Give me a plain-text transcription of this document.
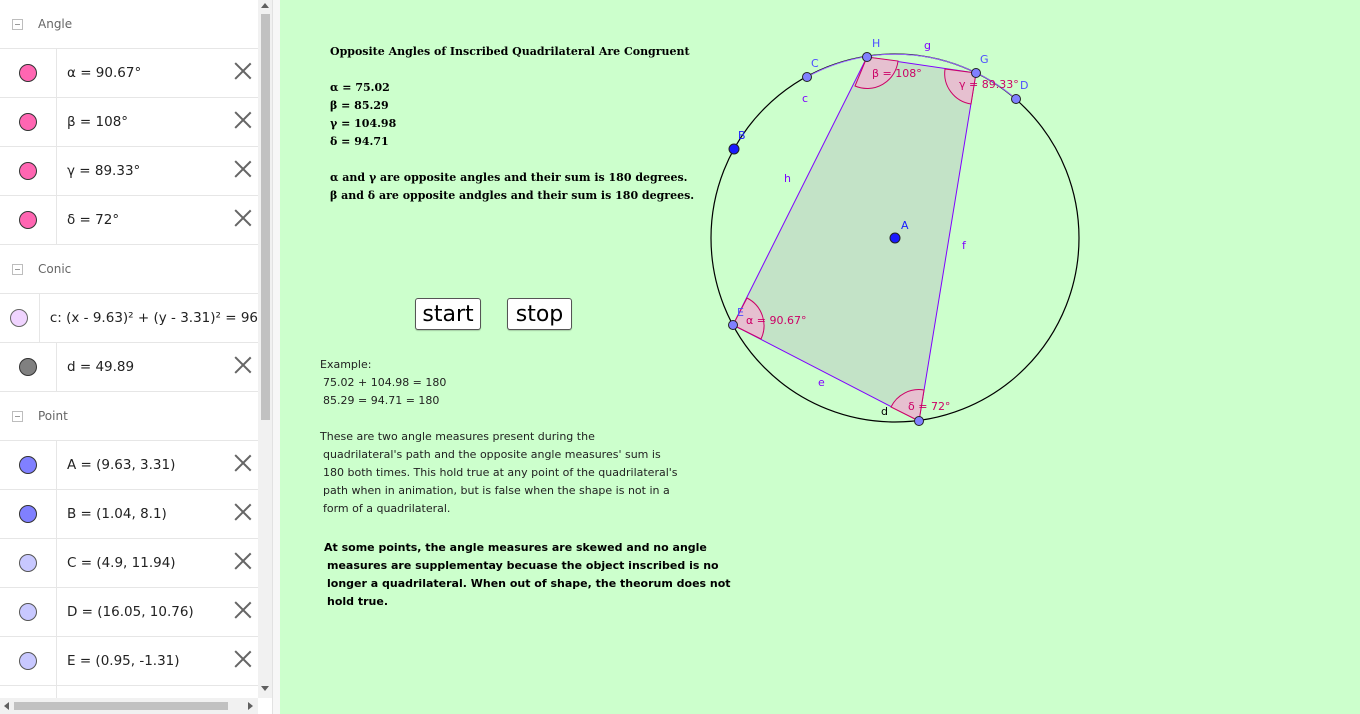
Angle
α = 90.67°
β = 108°
γ = 89.33°
δ = 72°
Conic
c: (x - 9.63)² + (y - 3.31)² = 96
d = 49.89
Point
A = (9.63, 3.31)
B = (1.04, 8.1)
C = (4.9, 11.94)
D = (16.05, 10.76)
E = (0.95, -1.31)
Opposite Angles of Inscribed Quadrilateral Are Congruent
α = 75.02
β = 85.29
γ = 104.98
δ = 94.71
α and γ are opposite angles and their sum is 180 degrees.
β and δ are opposite andgles and their sum is 180 degrees.
start	stop
Example:
75.02 + 104.98 = 180
85.29 = 94.71 = 180
These are two angle measures present during the
quadrilateral's path and the opposite angle measures' sum is
180 both times. This hold true at any point of the quadrilateral's
path when in animation, but is false when the shape is not in a
form of a quadrilateral.
At some points, the angle measures are skewed and no angle
measures are supplementay becuase the object inscribed is no
longer a quadrilateral. When out of shape, the theorum does not
hold true.
H
G
C
D
B
A
E
g
c
h
f
e
d
β = 108°
γ = 89.33°
α = 90.67°
δ = 72°
